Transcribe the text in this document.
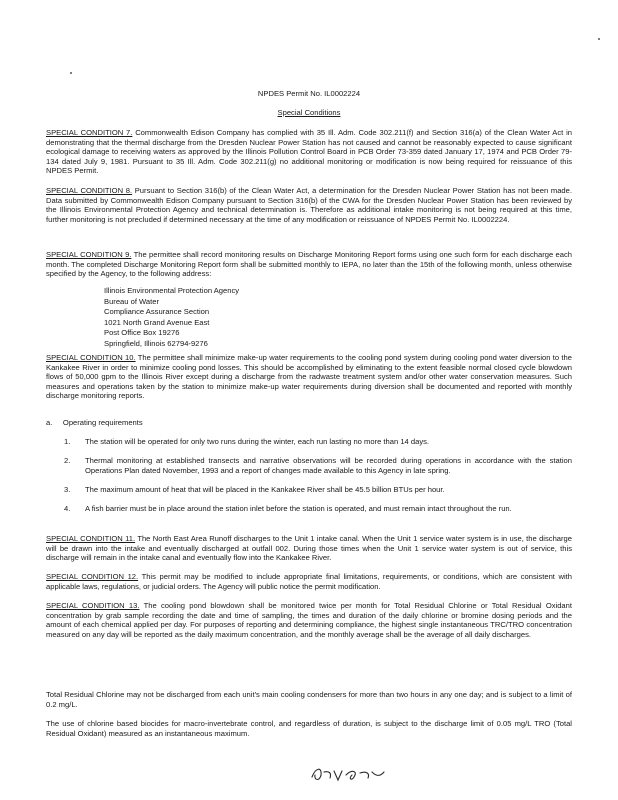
NPDES Permit No. IL0002224
Special Conditions

SPECIAL CONDITION 7. Commonwealth Edison Company has complied with 35 Ill. Adm. Code 302.211(f) and Section 316(a) of the Clean Water Act in demonstrating that the thermal discharge from the Dresden Nuclear Power Station has not caused and cannot be reasonably expected to cause significant ecological damage to receiving waters as approved by the Illinois Pollution Control Board in PCB Order 73-359 dated January 17, 1974 and PCB Order 79-134 dated July 9, 1981. Pursuant to 35 Ill. Adm. Code 302.211(g) no additional monitoring or modification is now being required for reissuance of this NPDES Permit.

SPECIAL CONDITION 8. Pursuant to Section 316(b) of the Clean Water Act, a determination for the Dresden Nuclear Power Station has not been made. Data submitted by Commonwealth Edison Company pursuant to Section 316(b) of the CWA for the Dresden Nuclear Power Station has been reviewed by the Illinois Environmental Protection Agency and technical determination is. Therefore as additional intake monitoring is not being required at this time, further monitoring is not precluded if determined necessary at the time of any modification or reissuance of NPDES Permit No. IL0002224.

SPECIAL CONDITION 9. The permittee shall record monitoring results on Discharge Monitoring Report forms using one such form for each discharge each month. The completed Discharge Monitoring Report form shall be submitted monthly to IEPA, no later than the 15th of the following month, unless otherwise specified by the Agency, to the following address:

Illinois Environmental Protection Agency
Bureau of Water
Compliance Assurance Section
1021 North Grand Avenue East
Post Office Box 19276
Springfield, Illinois 62794-9276

SPECIAL CONDITION 10. The permittee shall minimize make-up water requirements to the cooling pond system during cooling pond water diversion to the Kankakee River in order to minimize cooling pond losses. This should be accomplished by eliminating to the extent feasible normal closed cycle blowdown flows of 50,000 gpm to the Illinois River except during a discharge from the radwaste treatment system and/or other water conservation measures. Such measures and operations taken by the station to minimize make-up water requirements during diversion shall be documented and reported with monthly discharge monitoring reports.

a. Operating requirements
1.	The station will be operated for only two runs during the winter, each run lasting no more than 14 days.
2.	Thermal monitoring at established transects and narrative observations will be recorded during operations in accordance with the station Operations Plan dated November, 1993 and a report of changes made available to this Agency in late spring.
3.	The maximum amount of heat that will be placed in the Kankakee River shall be 45.5 billion BTUs per hour.
4.	A fish barrier must be in place around the station inlet before the station is operated, and must remain intact throughout the run.

SPECIAL CONDITION 11. The North East Area Runoff discharges to the Unit 1 intake canal. When the Unit 1 service water system is in use, the discharge will be drawn into the intake and eventually discharged at outfall 002. During those times when the Unit 1 service water system is out of service, this discharge will remain in the intake canal and eventually flow into the Kankakee River.

SPECIAL CONDITION 12. This permit may be modified to include appropriate final limitations, requirements, or conditions, which are consistent with applicable laws, regulations, or judicial orders. The Agency will public notice the permit modification.

SPECIAL CONDITION 13. The cooling pond blowdown shall be monitored twice per month for Total Residual Chlorine or Total Residual Oxidant concentration by grab sample recording the date and time of sampling, the times and duration of the daily chlorine or bromine dosing periods and the amount of each chemical applied per day. For purposes of reporting and determining compliance, the highest single instantaneous TRC/TRO concentration measured on any day will be reported as the daily maximum concentration, and the monthly average shall be the average of all daily discharges.

Total Residual Chlorine may not be discharged from each unit's main cooling condensers for more than two hours in any one day; and is subject to a limit of 0.2 mg/L.

The use of chlorine based biocides for macro-invertebrate control, and regardless of duration, is subject to the discharge limit of 0.05 mg/L TRO (Total Residual Oxidant) measured as an instantaneous maximum.
